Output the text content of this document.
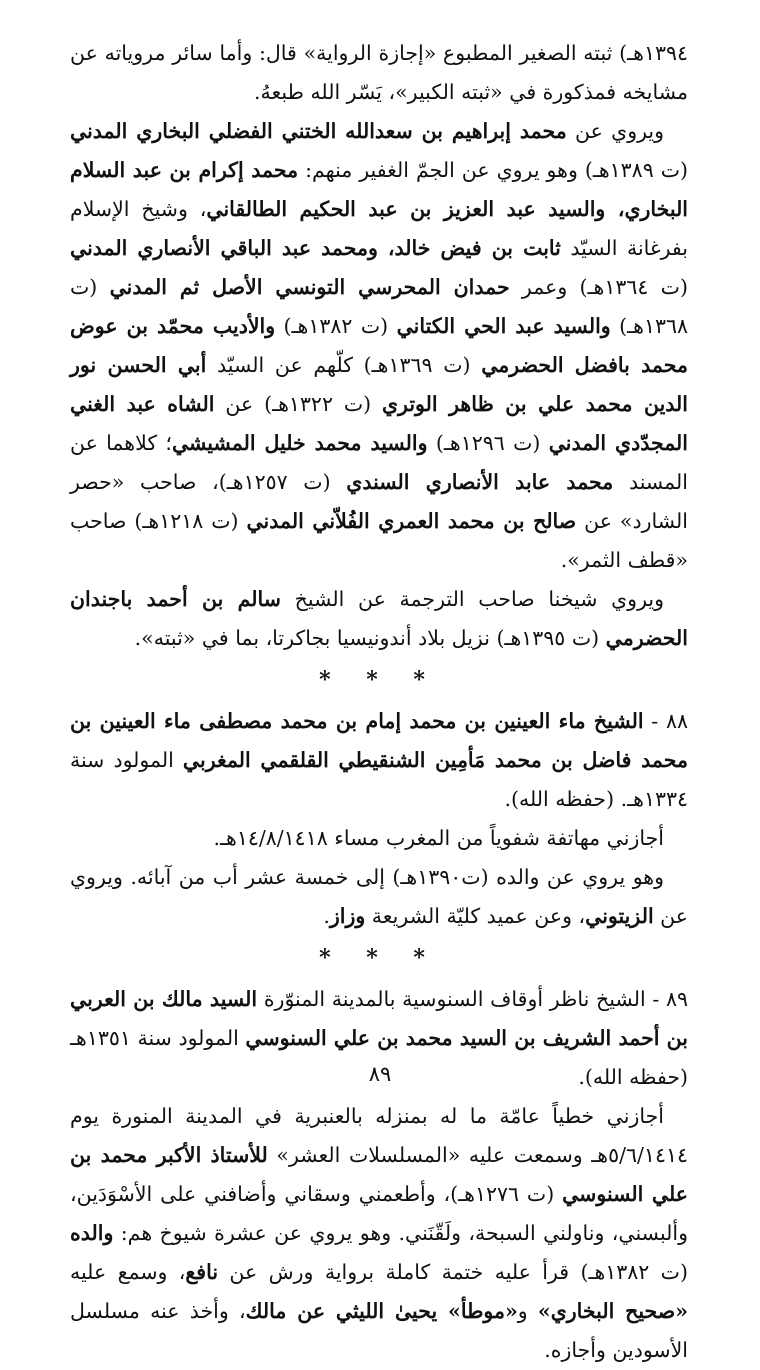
١٣٩٤هـ) ثبته الصغير المطبوع «إجازة الرواية» قال: وأما سائر مروياته عن مشايخه فمذكورة في «ثبته الكبير»، يَسّر الله طبعهُ.

ويروي عن محمد إبراهيم بن سعدالله الختني الفضلي البخاري المدني (ت ١٣٨٩هـ) وهو يروي عن الجمّ الغفير منهم: محمد إكرام بن عبد السلام البخاري، والسيد عبد العزيز بن عبد الحكيم الطالقاني، وشيخ الإسلام بفرغانة السيّد ثابت بن فيض خالد، ومحمد عبد الباقي الأنصاري المدني (ت ١٣٦٤هـ) وعمر حمدان المحرسي التونسي الأصل ثم المدني (ت ١٣٦٨هـ) والسيد عبد الحي الكتاني (ت ١٣٨٢هـ) والأديب محمّد بن عوض محمد بافضل الحضرمي (ت ١٣٦٩هـ) كلّهم عن السيّد أبي الحسن نور الدين محمد علي بن ظاهر الوتري (ت ١٣٢٢هـ) عن الشاه عبد الغني المجدّدي المدني (ت ١٢٩٦هـ) والسيد محمد خليل المشيشي؛ كلاهما عن المسند محمد عابد الأنصاري السندي (ت ١٢٥٧هـ)، صاحب «حصر الشارد» عن صالح بن محمد العمري الفُلاّني المدني (ت ١٢١٨هـ) صاحب «قطف الثمر».

ويروي شيخنا صاحب الترجمة عن الشيخ سالم بن أحمد باجندان الحضرمي (ت ١٣٩٥هـ) نزيل بلاد أندونيسيا بجاكرتا، بما في «ثبته».

* * *

٨٨ - الشيخ ماء العينين بن محمد إمام بن محمد مصطفى ماء العينين بن محمد فاضل بن محمد مَأمِين الشنقيطي القلقمي المغربي المولود سنة ١٣٣٤هـ. (حفظه الله).

أجازني مهاتفة شفوياً من المغرب مساء ١٤/٨/١٤١٨هـ.

وهو يروي عن والده (ت١٣٩٠هـ) إلى خمسة عشر أب من آبائه. ويروي عن الزيتوني، وعن عميد كليّة الشريعة وزاز.

* * *

٨٩ - الشيخ ناظر أوقاف السنوسية بالمدينة المنوّرة السيد مالك بن العربي بن أحمد الشريف بن السيد محمد بن علي السنوسي المولود سنة ١٣٥١هـ (حفظه الله).

أجازني خطياً عامّة ما له بمنزله بالعنبرية في المدينة المنورة يوم ٥/٦/١٤١٤هـ وسمعت عليه «المسلسلات العشر» للأستاذ الأكبر محمد بن علي السنوسي (ت ١٢٧٦هـ)، وأطعمني وسقاني وأضافني على الأسْوَدَين، وألبسني، وناولني السبحة، ولَقّنَني. وهو يروي عن عشرة شيوخ هم: والده (ت ١٣٨٢هـ) قرأ عليه ختمة كاملة برواية ورش عن نافع، وسمع عليه «صحيح البخاري» و«موطأ» يحيىٰ الليثي عن مالك، وأخذ عنه مسلسل الأسودين وأجازه.

٨٩
